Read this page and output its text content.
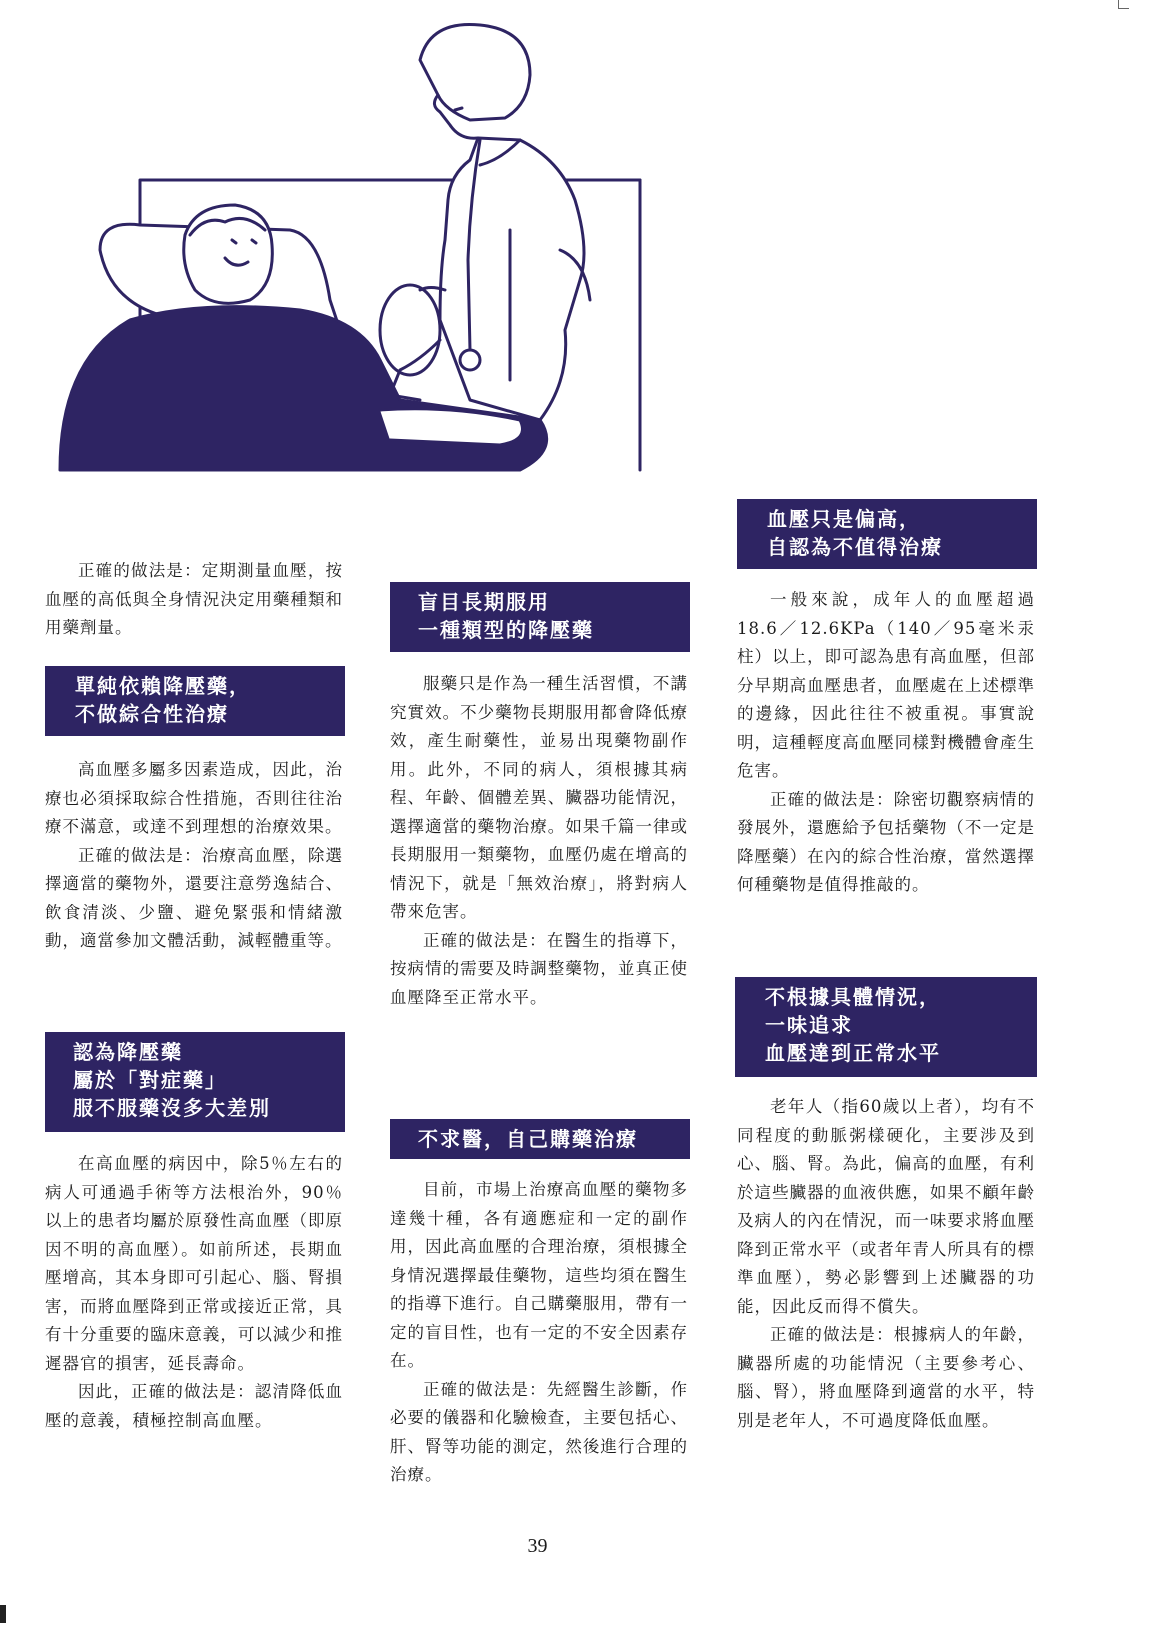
正確的做法是：定期測量血壓，按血壓的高低與全身情況決定用藥種類和用藥劑量。

單純依賴降壓藥，
不做綜合性治療

高血壓多屬多因素造成，因此，治療也必須採取綜合性措施，否則往往治療不滿意，或達不到理想的治療效果。

正確的做法是：治療高血壓，除選擇適當的藥物外，還要注意勞逸結合、飲食清淡、少鹽、避免緊張和情緒激動，適當參加文體活動，減輕體重等。

認為降壓藥
屬於「對症藥」
服不服藥沒多大差別

在高血壓的病因中，除5％左右的病人可通過手術等方法根治外，90％以上的患者均屬於原發性高血壓（即原因不明的高血壓）。如前所述，長期血壓增高，其本身即可引起心、腦、腎損害，而將血壓降到正常或接近正常，具有十分重要的臨床意義，可以減少和推遲器官的損害，延長壽命。

因此，正確的做法是：認清降低血壓的意義，積極控制高血壓。

盲目長期服用
一種類型的降壓藥

服藥只是作為一種生活習慣，不講究實效。不少藥物長期服用都會降低療效，產生耐藥性，並易出現藥物副作用。此外，不同的病人，須根據其病程、年齡、個體差異、臟器功能情況，選擇適當的藥物治療。如果千篇一律或長期服用一類藥物，血壓仍處在增高的情況下，就是「無效治療」，將對病人帶來危害。

正確的做法是：在醫生的指導下，按病情的需要及時調整藥物，並真正使血壓降至正常水平。

不求醫，自己購藥治療

目前，市場上治療高血壓的藥物多達幾十種，各有適應症和一定的副作用，因此高血壓的合理治療，須根據全身情況選擇最佳藥物，這些均須在醫生的指導下進行。自己購藥服用，帶有一定的盲目性，也有一定的不安全因素存在。

正確的做法是：先經醫生診斷，作必要的儀器和化驗檢查，主要包括心、肝、腎等功能的測定，然後進行合理的治療。

血壓只是偏高，
自認為不值得治療

一般來說，成年人的血壓超過18.6／12.6KPa（140／95毫米汞柱）以上，即可認為患有高血壓，但部分早期高血壓患者，血壓處在上述標準的邊緣，因此往往不被重視。事實說明，這種輕度高血壓同樣對機體會產生危害。

正確的做法是：除密切觀察病情的發展外，還應給予包括藥物（不一定是降壓藥）在內的綜合性治療，當然選擇何種藥物是值得推敲的。

不根據具體情況，
一味追求
血壓達到正常水平

老年人（指60歲以上者），均有不同程度的動脈粥樣硬化，主要涉及到心、腦、腎。為此，偏高的血壓，有利於這些臟器的血液供應，如果不顧年齡及病人的內在情況，而一味要求將血壓降到正常水平（或者年青人所具有的標準血壓），勢必影響到上述臟器的功能，因此反而得不償失。

正確的做法是：根據病人的年齡，臟器所處的功能情況（主要參考心、腦、腎），將血壓降到適當的水平，特別是老年人，不可過度降低血壓。

39
